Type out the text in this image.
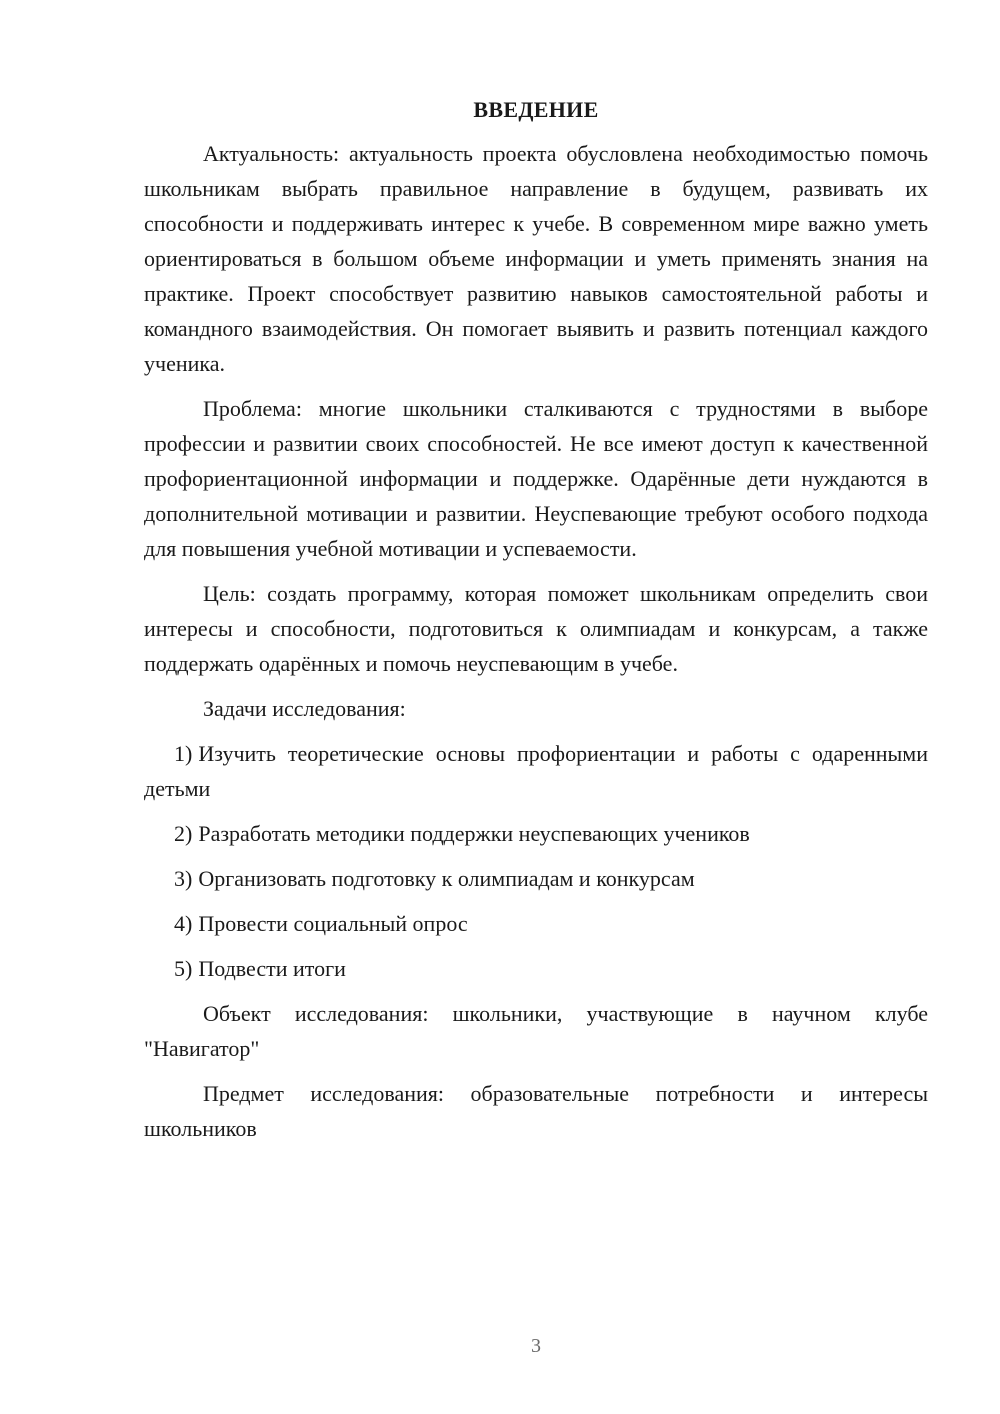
ВВЕДЕНИЕ

Актуальность: актуальность проекта обусловлена необходимостью помочь школьникам выбрать правильное направление в будущем, развивать их способности и поддерживать интерес к учебе. В современном мире важно уметь ориентироваться в большом объеме информации и уметь применять знания на практике. Проект способствует развитию навыков самостоятельной работы и командного взаимодействия. Он помогает выявить и развить потенциал каждого ученика.

Проблема: многие школьники сталкиваются с трудностями в выборе профессии и развитии своих способностей. Не все имеют доступ к качественной профориентационной информации и поддержке. Одарённые дети нуждаются в дополнительной мотивации и развитии. Неуспевающие требуют особого подхода для повышения учебной мотивации и успеваемости.

Цель: создать программу, которая поможет школьникам определить свои интересы и способности, подготовиться к олимпиадам и конкурсам, а также поддержать одарённых и помочь неуспевающим в учебе.

Задачи исследования:

1) Изучить теоретические основы профориентации и работы с одаренными детьми
2) Разработать методики поддержки неуспевающих учеников
3) Организовать подготовку к олимпиадам и конкурсам
4) Провести социальный опрос
5) Подвести итоги

Объект исследования: школьники, участвующие в научном клубе "Навигатор"

Предмет исследования: образовательные потребности и интересы школьников

3
